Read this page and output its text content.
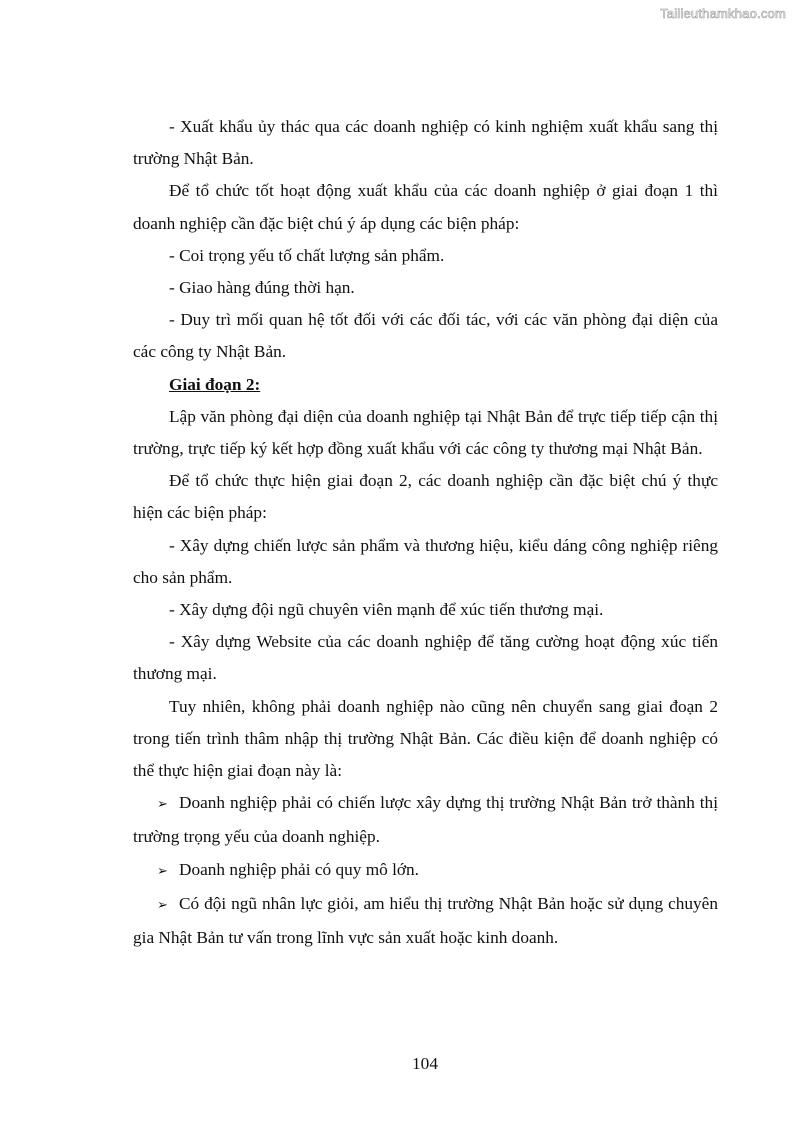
Tailieuthamkhao.com

- Xuất khẩu ủy thác qua các doanh nghiệp có kinh nghiệm xuất khẩu sang thị trường Nhật Bản.

Để tổ chức tốt hoạt động xuất khẩu của các doanh nghiệp ở giai đoạn 1 thì doanh nghiệp cần đặc biệt chú ý áp dụng các biện pháp:

- Coi trọng yếu tố chất lượng sản phẩm.

- Giao hàng đúng thời hạn.

- Duy trì mối quan hệ tốt đối với các đối tác, với các văn phòng đại diện của các công ty Nhật Bản.

Giai đoạn 2:

Lập văn phòng đại diện của doanh nghiệp tại Nhật Bản để trực tiếp tiếp cận thị trường, trực tiếp ký kết hợp đồng xuất khẩu với các công ty thương mại Nhật Bản.

Để tổ chức thực hiện giai đoạn 2, các doanh nghiệp cần đặc biệt chú ý thực hiện các biện pháp:

- Xây dựng chiến lược sản phẩm và thương hiệu, kiểu dáng công nghiệp riêng cho sản phẩm.

- Xây dựng đội ngũ chuyên viên mạnh để xúc tiến thương mại.

- Xây dựng Website của các doanh nghiệp để tăng cường hoạt động xúc tiến thương mại.

Tuy nhiên, không phải doanh nghiệp nào cũng nên chuyển sang giai đoạn 2 trong tiến trình thâm nhập thị trường Nhật Bản. Các điều kiện để doanh nghiệp có thể thực hiện giai đoạn này là:

➢ Doanh nghiệp phải có chiến lược xây dựng thị trường Nhật Bản trở thành thị trường trọng yếu của doanh nghiệp.

➢ Doanh nghiệp phải có quy mô lớn.

➢ Có đội ngũ nhân lực giỏi, am hiểu thị trường Nhật Bản hoặc sử dụng chuyên gia Nhật Bản tư vấn trong lĩnh vực sản xuất hoặc kinh doanh.

104
